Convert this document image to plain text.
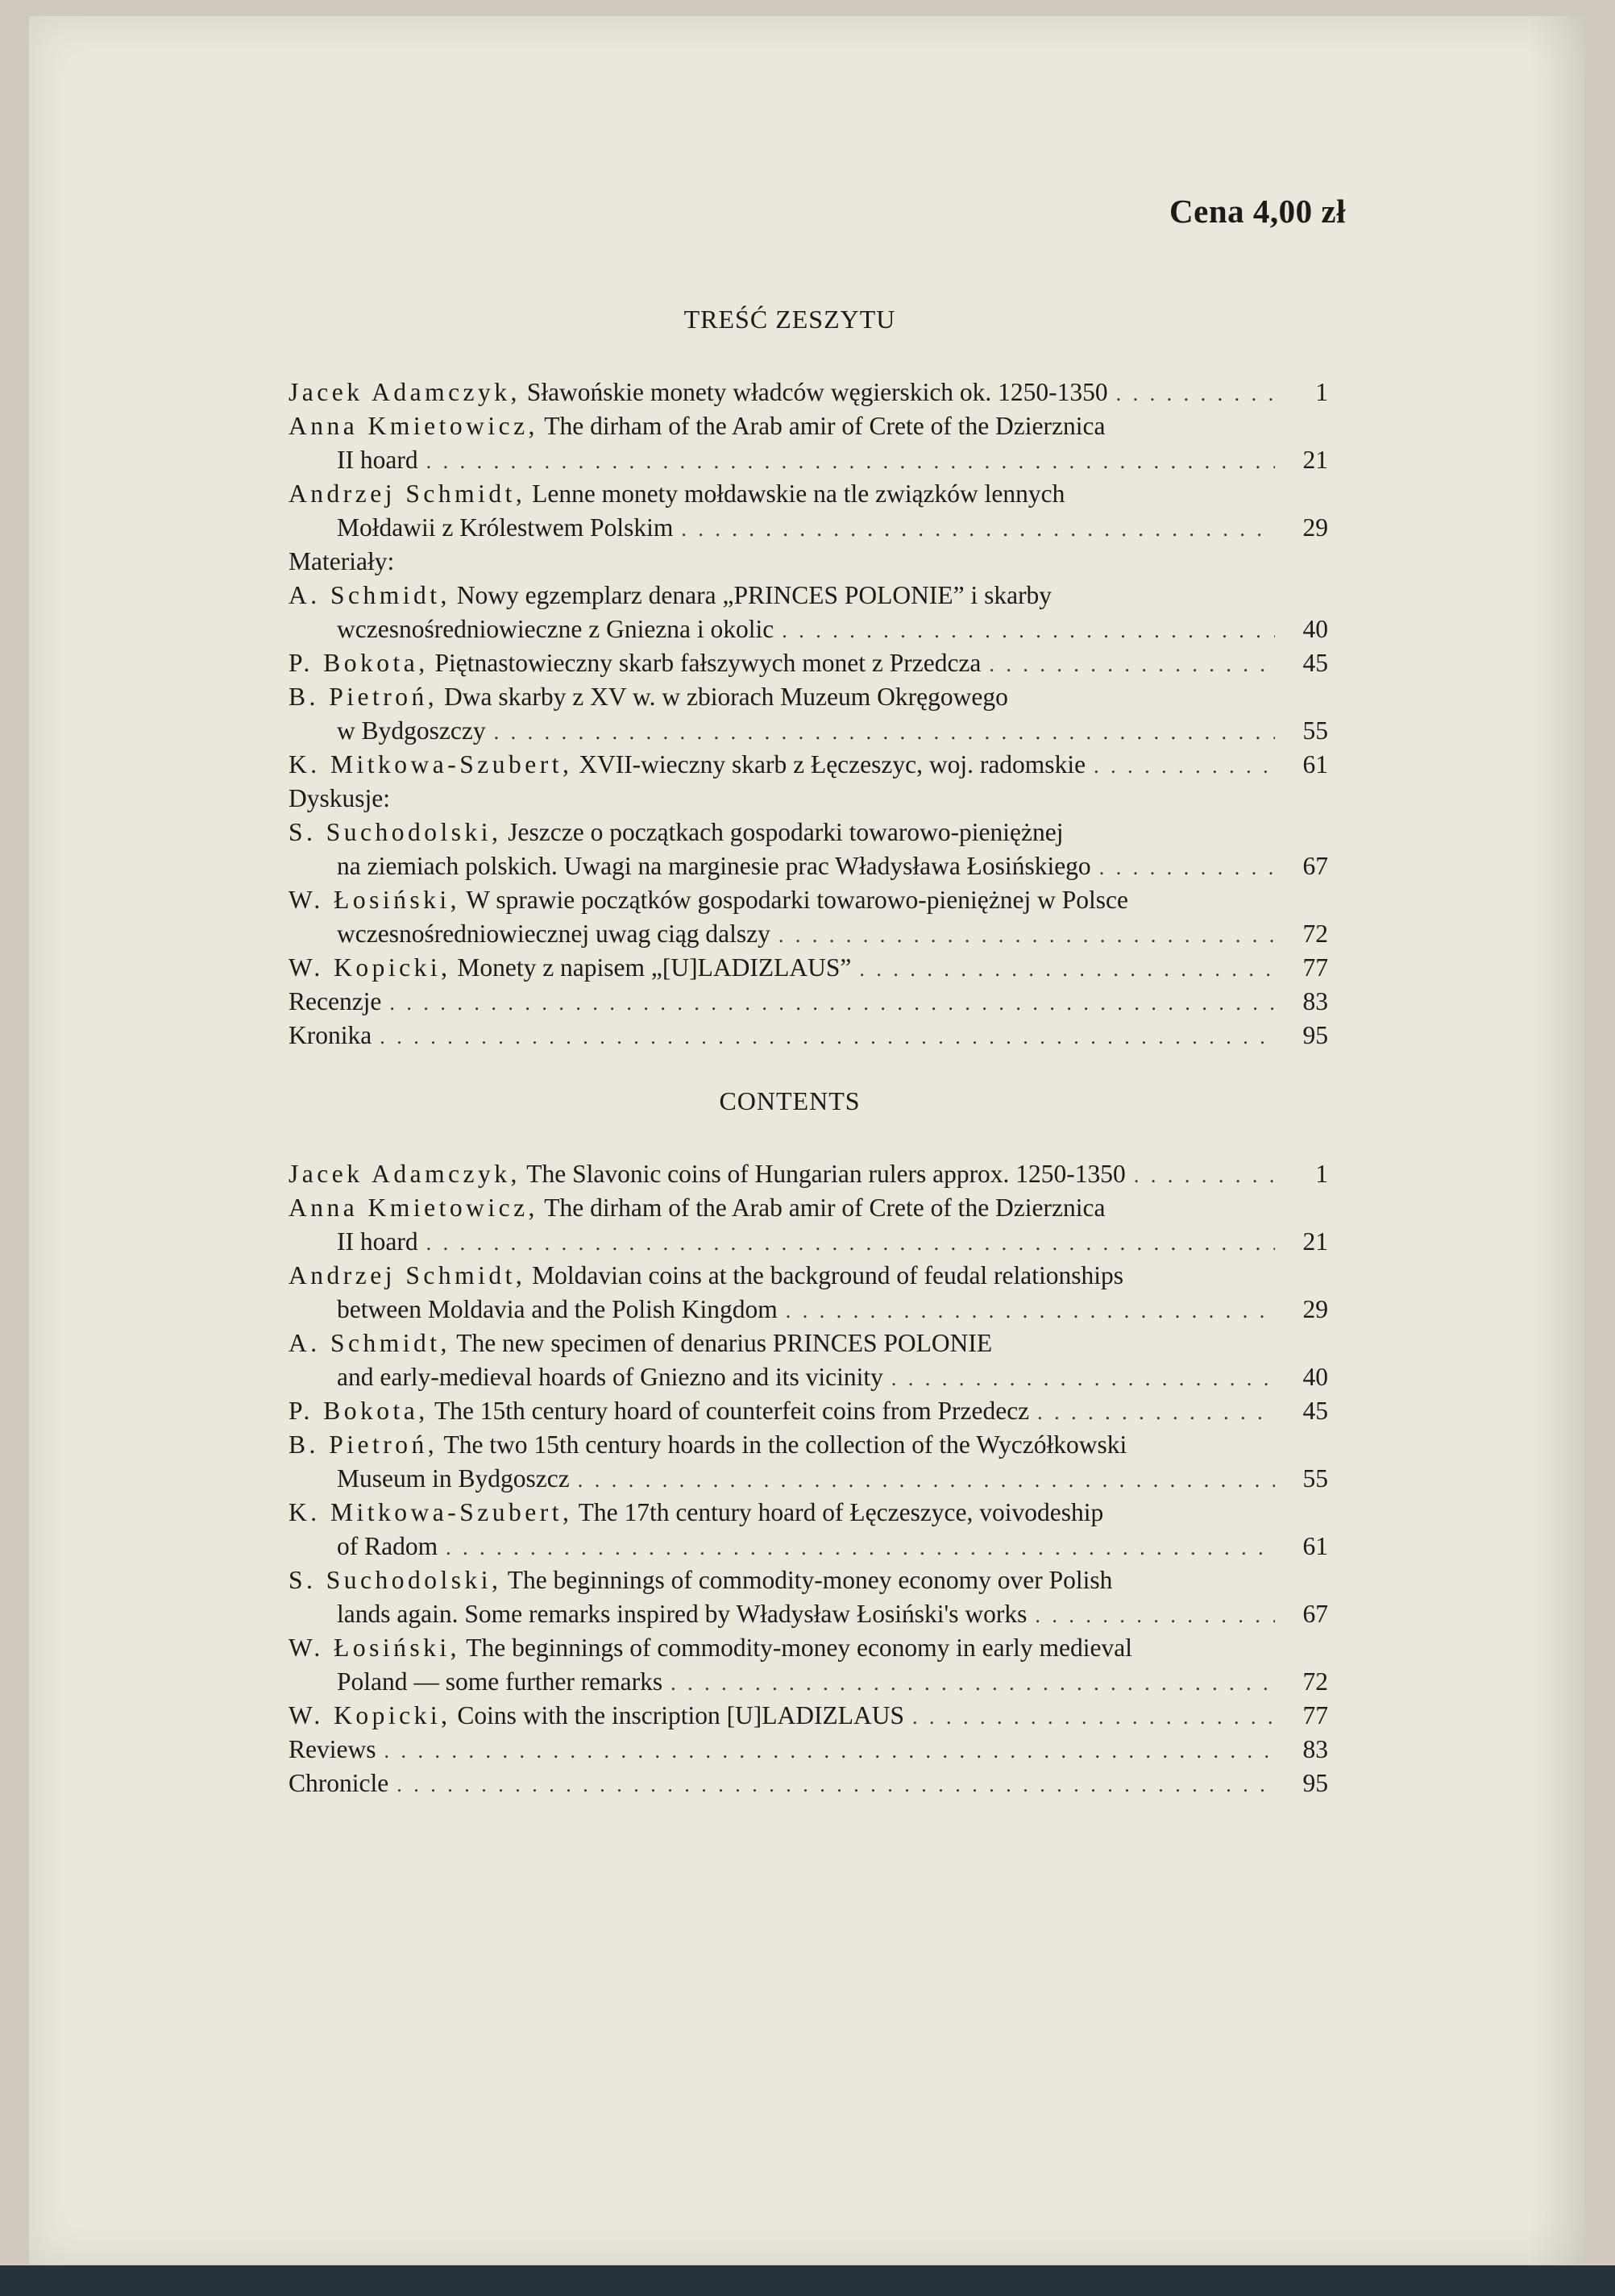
Cena 4,00 zł
TREŚĆ ZESZYTU
Jacek Adamczyk, Sławońskie monety władców węgierskich ok. 1250-1350 . . .	1
Anna Kmietowicz, The dirham of the Arab amir of Crete of the Dzierznica
II hoard . . .	21
Andrzej Schmidt, Lenne monety mołdawskie na tle związków lennych
Mołdawii z Królestwem Polskim . . .	29
Materiały:
A. Schmidt, Nowy egzemplarz denara „PRINCES POLONIE” i skarby
wczesnośredniowieczne z Gniezna i okolic . . .	40
P. Bokota, Piętnastowieczny skarb fałszywych monet z Przedcza . . .	45
B. Pietroń, Dwa skarby z XV w. w zbiorach Muzeum Okręgowego
w Bydgoszczy . . .	55
K. Mitkowa-Szubert, XVII-wieczny skarb z Łęczeszyc, woj. radomskie . . .	61
Dyskusje:
S. Suchodolski, Jeszcze o początkach gospodarki towarowo-pieniężnej
na ziemiach polskich. Uwagi na marginesie prac Władysława Łosińskiego . . .	67
W. Łosiński, W sprawie początków gospodarki towarowo-pieniężnej w Polsce
wczesnośredniowiecznej uwag ciąg dalszy . . .	72
W. Kopicki, Monety z napisem „[U]LADIZLAUS” . . .	77
Recenzje . . .	83
Kronika . . .	95
CONTENTS
Jacek Adamczyk, The Slavonic coins of Hungarian rulers approx. 1250-1350 . . .	1
Anna Kmietowicz, The dirham of the Arab amir of Crete of the Dzierznica
II hoard . . .	21
Andrzej Schmidt, Moldavian coins at the background of feudal relationships
between Moldavia and the Polish Kingdom . . .	29
A. Schmidt, The new specimen of denarius PRINCES POLONIE
and early-medieval hoards of Gniezno and its vicinity . . .	40
P. Bokota, The 15th century hoard of counterfeit coins from Przedecz . . .	45
B. Pietroń, The two 15th century hoards in the collection of the Wyczółkowski
Museum in Bydgoszcz . . .	55
K. Mitkowa-Szubert, The 17th century hoard of Łęczeszyce, voivodeship
of Radom . . .	61
S. Suchodolski, The beginnings of commodity-money economy over Polish
lands again. Some remarks inspired by Władysław Łosiński's works . . .	67
W. Łosiński, The beginnings of commodity-money economy in early medieval
Poland — some further remarks . . .	72
W. Kopicki, Coins with the inscription [U]LADIZLAUS . . .	77
Reviews . . .	83
Chronicle . . .	95
